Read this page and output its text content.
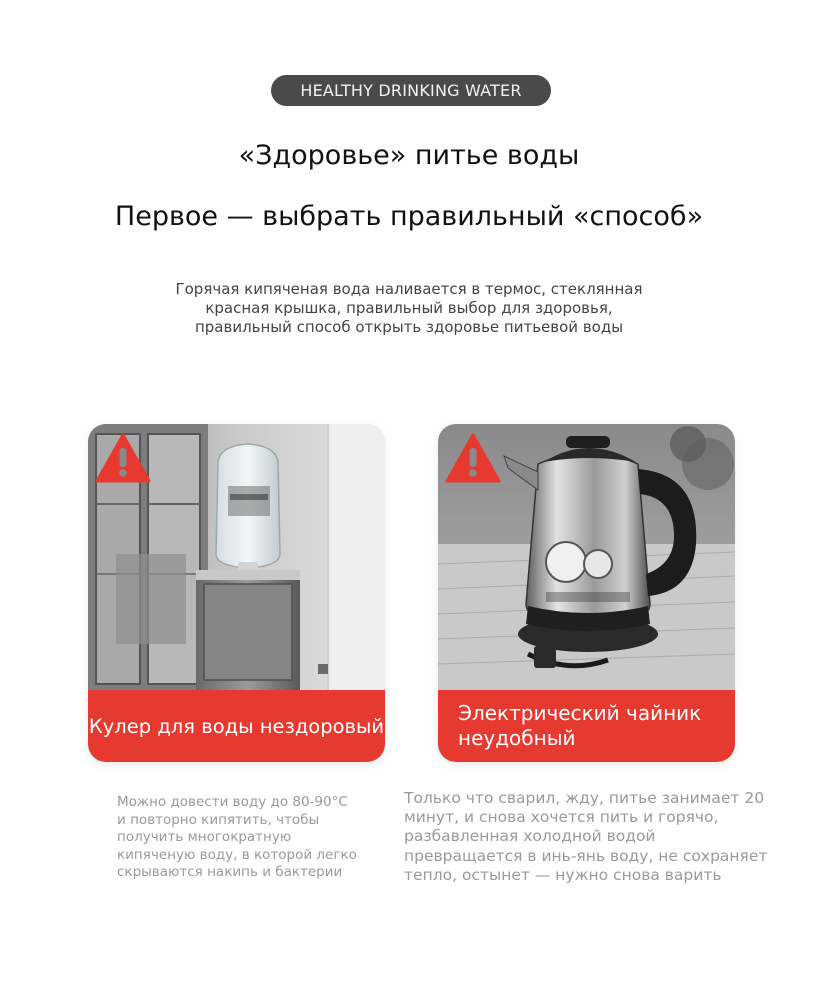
HEALTHY DRINKING WATER
«Здоровье» питье воды
Первое — выбрать правильный «способ»
Горячая кипяченая вода наливается в термос, стеклянная
красная крышка, правильный выбор для здоровья,
правильный способ открыть здоровье питьевой воды
Кулер для воды нездоровый
Электрический чайник
неудобный
Можно довести воду до 80-90°C
и повторно кипятить, чтобы
получить многократную
кипяченую воду, в которой легко
скрываются накипь и бактерии
Только что сварил, жду, питье занимает 20
минут, и снова хочется пить и горячо,
разбавленная холодной водой
превращается в инь-янь воду, не сохраняет
тепло, остынет — нужно снова варить
